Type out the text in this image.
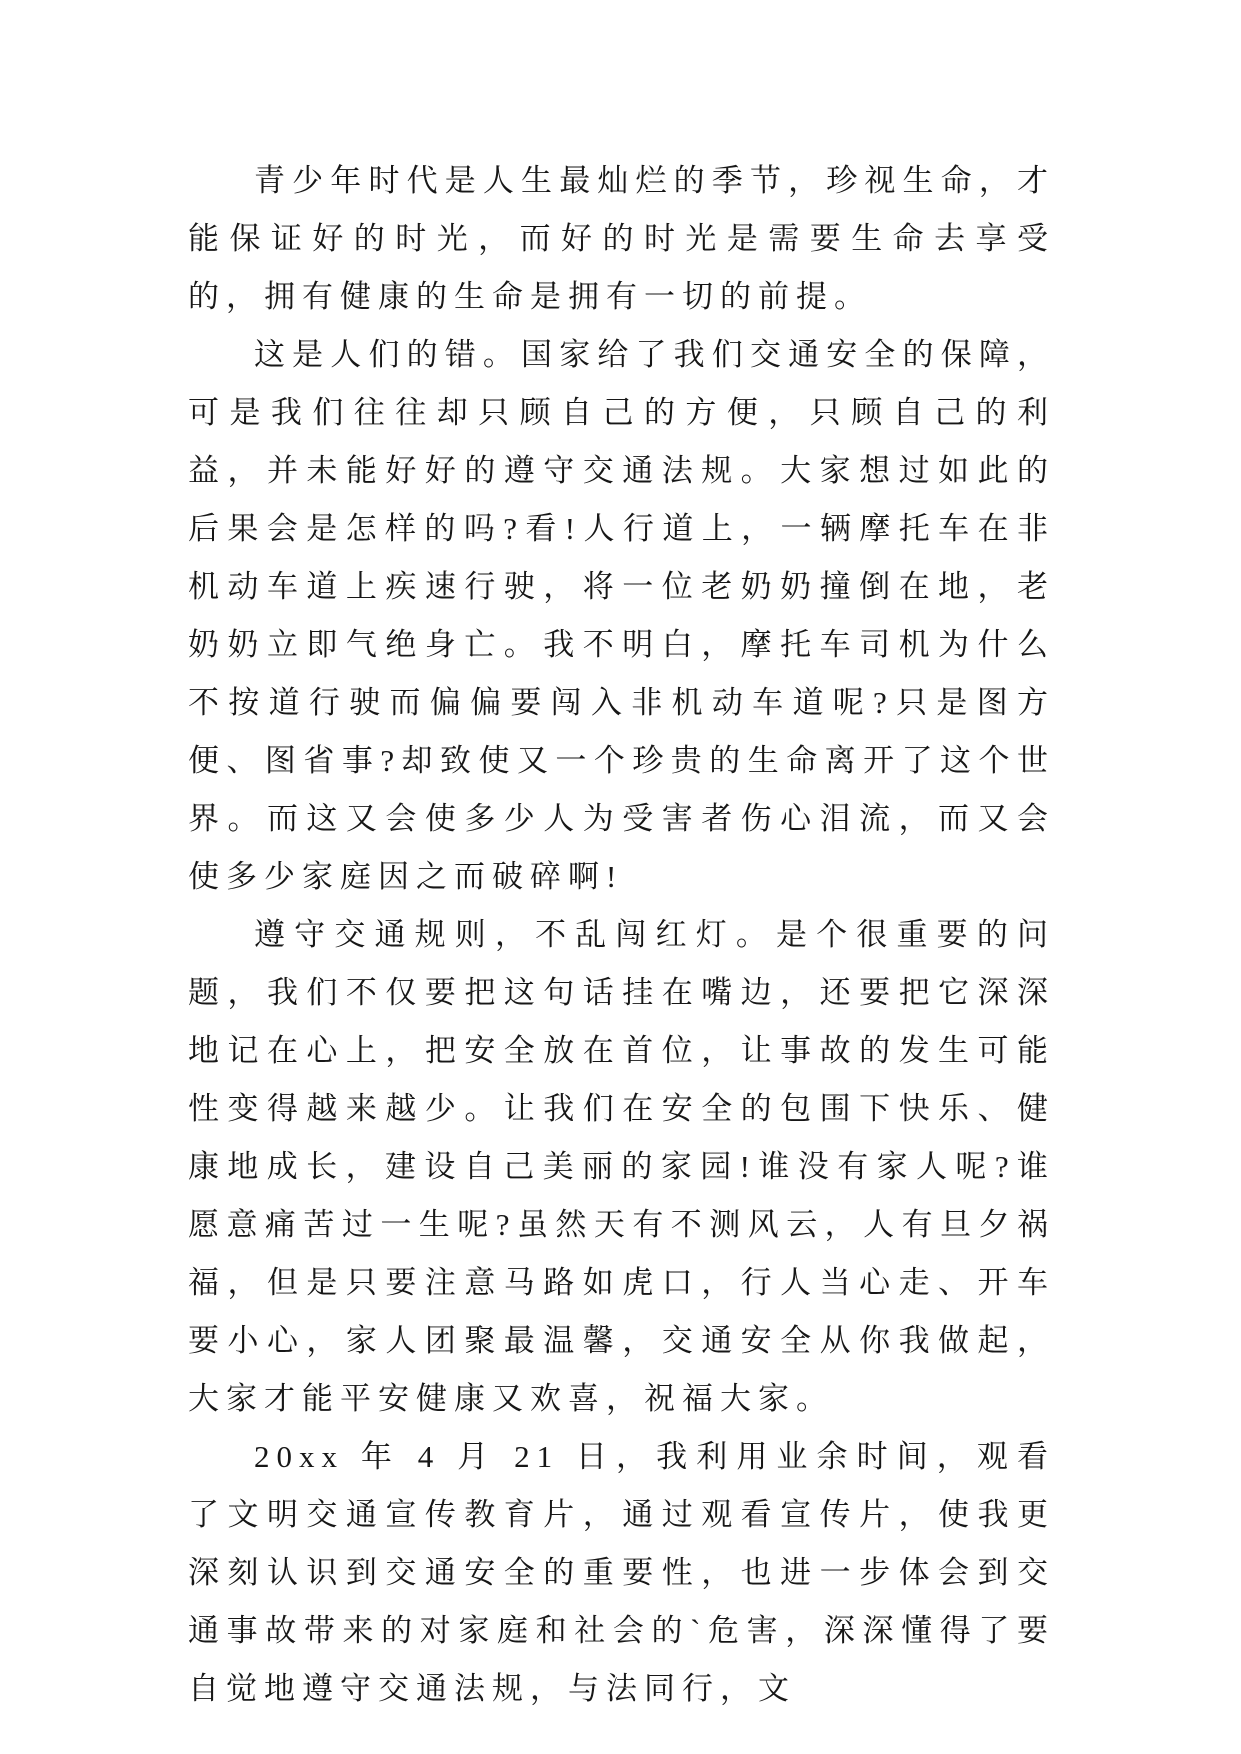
青少年时代是人生最灿烂的季节，珍视生命，才能保证好的时光，而好的时光是需要生命去享受的，拥有健康的生命是拥有一切的前提。

这是人们的错。国家给了我们交通安全的保障，可是我们往往却只顾自己的方便，只顾自己的利益，并未能好好的遵守交通法规。大家想过如此的后果会是怎样的吗?看!人行道上，一辆摩托车在非机动车道上疾速行驶，将一位老奶奶撞倒在地，老奶奶立即气绝身亡。我不明白，摩托车司机为什么不按道行驶而偏偏要闯入非机动车道呢?只是图方便、图省事?却致使又一个珍贵的生命离开了这个世界。而这又会使多少人为受害者伤心泪流，而又会使多少家庭因之而破碎啊!

遵守交通规则，不乱闯红灯。是个很重要的问题，我们不仅要把这句话挂在嘴边，还要把它深深地记在心上，把安全放在首位，让事故的发生可能性变得越来越少。让我们在安全的包围下快乐、健康地成长，建设自己美丽的家园!谁没有家人呢?谁愿意痛苦过一生呢?虽然天有不测风云，人有旦夕祸福，但是只要注意马路如虎口，行人当心走、开车要小心，家人团聚最温馨，交通安全从你我做起，大家才能平安健康又欢喜，祝福大家。

20xx 年 4 月 21 日，我利用业余时间，观看了文明交通宣传教育片，通过观看宣传片，使我更深刻认识到交通安全的重要性，也进一步体会到交通事故带来的对家庭和社会的`危害，深深懂得了要自觉地遵守交通法规，与法同行，文
